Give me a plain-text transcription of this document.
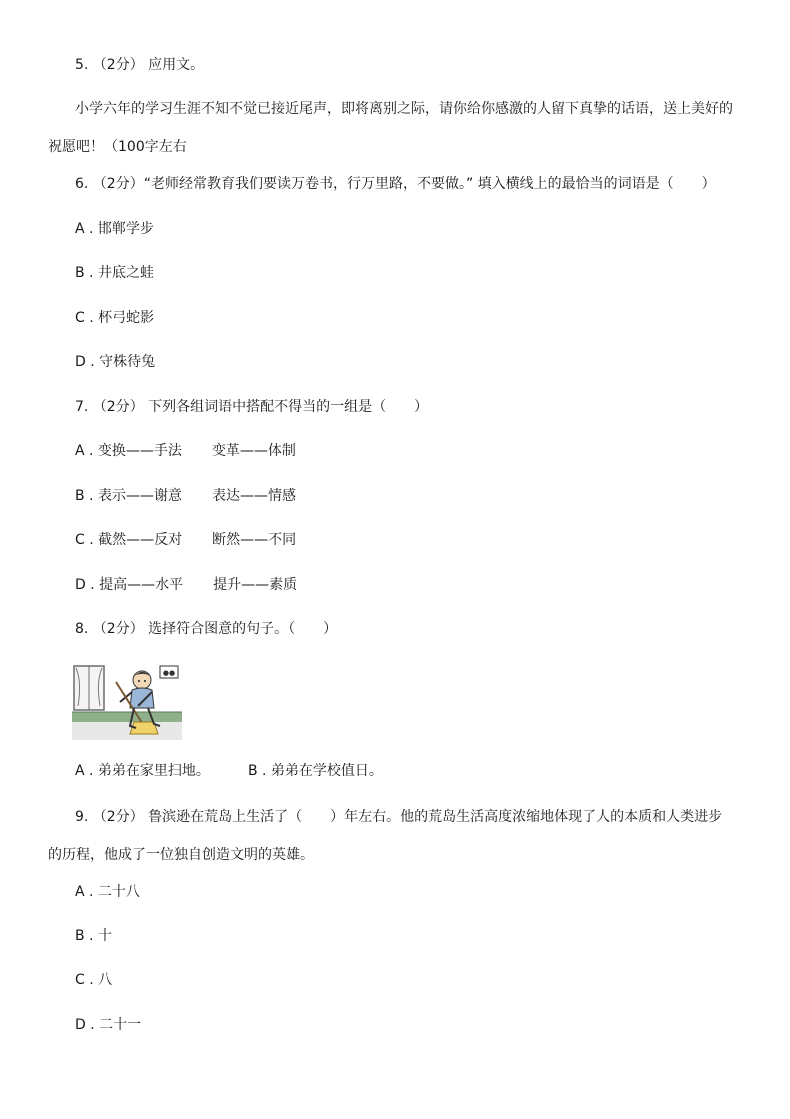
5. （2分） 应用文。
小学六年的学习生涯不知不觉已接近尾声，即将离别之际，请你给你感激的人留下真挚的话语，送上美好的
祝愿吧！（100字左右
6. （2分）“老师经常教育我们要读万卷书，行万里路，不要做。” 填入横线上的最恰当的词语是（　　）
A . 邯郸学步
B . 井底之蛙
C . 杯弓蛇影
D . 守株待兔
7. （2分） 下列各组词语中搭配不得当的一组是（　　）
A . 变换——手法 变革——体制
B . 表示——谢意 表达——情感
C . 截然——反对 断然——不同
D . 提高——水平 提升——素质
8. （2分） 选择符合图意的句子。（　　）
●●
A . 弟弟在家里扫地。	B . 弟弟在学校值日。
9. （2分） 鲁滨逊在荒岛上生活了（　　）年左右。他的荒岛生活高度浓缩地体现了人的本质和人类进步
的历程，他成了一位独自创造文明的英雄。
A . 二十八
B . 十
C . 八
D . 二十一
